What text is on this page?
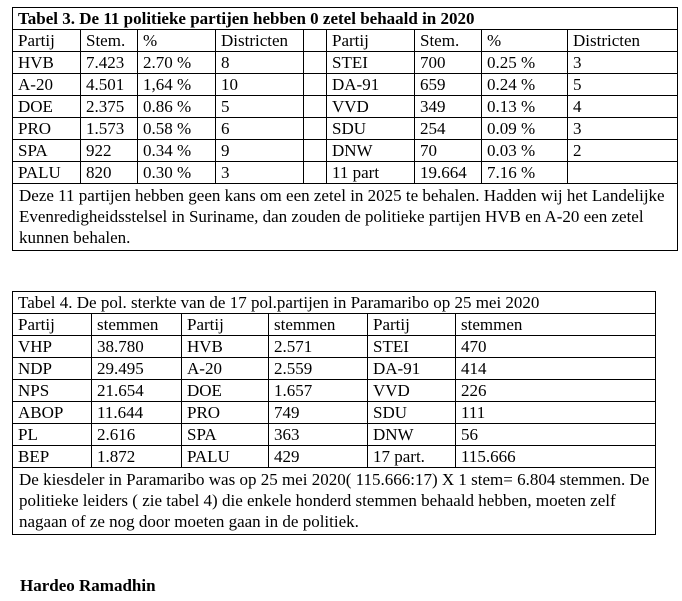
Tabel 3. De 11 politieke partijen hebben 0 zetel behaald in 2020								
Partij	Stem.	%	Districten		Partij	Stem.	%	Districten
HVB	7.423	2.70 %	8		STEI	700	0.25 %	3
A-20	4.501	1,64 %	10		DA-91	659	0.24 %	5
DOE	2.375	0.86 %	5		VVD	349	0.13 %	4
PRO	1.573	0.58 %	6		SDU	254	0.09 %	3
SPA	922	0.34 %	9		DNW	70	0.03 %	2
PALU	820	0.30 %	3		11 part	19.664	7.16 %	
Deze 11 partijen hebben geen kans om een zetel in 2025 te behalen. Hadden wij het Landelijke Evenredigheidsstelsel in Suriname, dan zouden de politieke partijen HVB en A-20 een zetel kunnen behalen.								
Tabel 4. De pol. sterkte van de 17 pol.partijen in Paramaribo op 25 mei 2020					
Partij	stemmen	Partij	stemmen	Partij	stemmen
VHP	38.780	HVB	2.571	STEI	470
NDP	29.495	A-20	2.559	DA-91	414
NPS	21.654	DOE	1.657	VVD	226
ABOP	11.644	PRO	749	SDU	111
PL	2.616	SPA	363	DNW	56
BEP	1.872	PALU	429	17 part.	115.666
De kiesdeler in Paramaribo was op 25 mei 2020( 115.666:17) X 1 stem= 6.804 stemmen. De politieke leiders ( zie tabel 4) die enkele honderd stemmen behaald hebben, moeten zelf nagaan of ze nog door moeten gaan in de politiek.					
Hardeo Ramadhin
